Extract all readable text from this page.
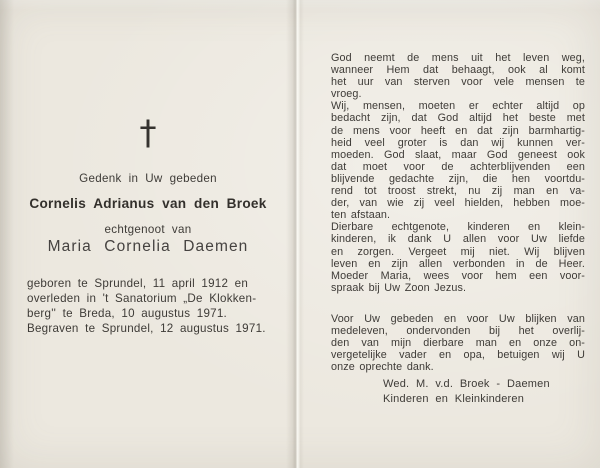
†
Gedenk in Uw gebeden
Cornelis Adrianus van den Broek
echtgenoot van
Maria Cornelia Daemen
geboren te Sprundel, 11 april 1912 en
overleden in 't Sanatorium „De Klokken-
berg'' te Breda, 10 augustus 1971.
Begraven te Sprundel, 12 augustus 1971.
God neemt de mens uit het leven weg,
wanneer Hem dat behaagt, ook al komt
het uur van sterven voor vele mensen te
vroeg.
Wij, mensen, moeten er echter altijd op
bedacht zijn, dat God altijd het beste met
de mens voor heeft en dat zijn barmhartig-
heid veel groter is dan wij kunnen ver-
moeden. God slaat, maar God geneest ook
dat moet voor de achterblijvenden een
blijvende gedachte zijn, die hen voortdu-
rend tot troost strekt, nu zij man en va-
der, van wie zij veel hielden, hebben moe-
ten afstaan.
Dierbare echtgenote, kinderen en klein-
kinderen, ik dank U allen voor Uw liefde
en zorgen. Vergeet mij niet. Wij blijven
leven en zijn allen verbonden in de Heer.
Moeder Maria, wees voor hem een voor-
spraak bij Uw Zoon Jezus.
Voor Uw gebeden en voor Uw blijken van
medeleven, ondervonden bij het overlij-
den van mijn dierbare man en onze on-
vergetelijke vader en opa, betuigen wij U
onze oprechte dank.
Wed. M. v.d. Broek - Daemen
Kinderen en Kleinkinderen
